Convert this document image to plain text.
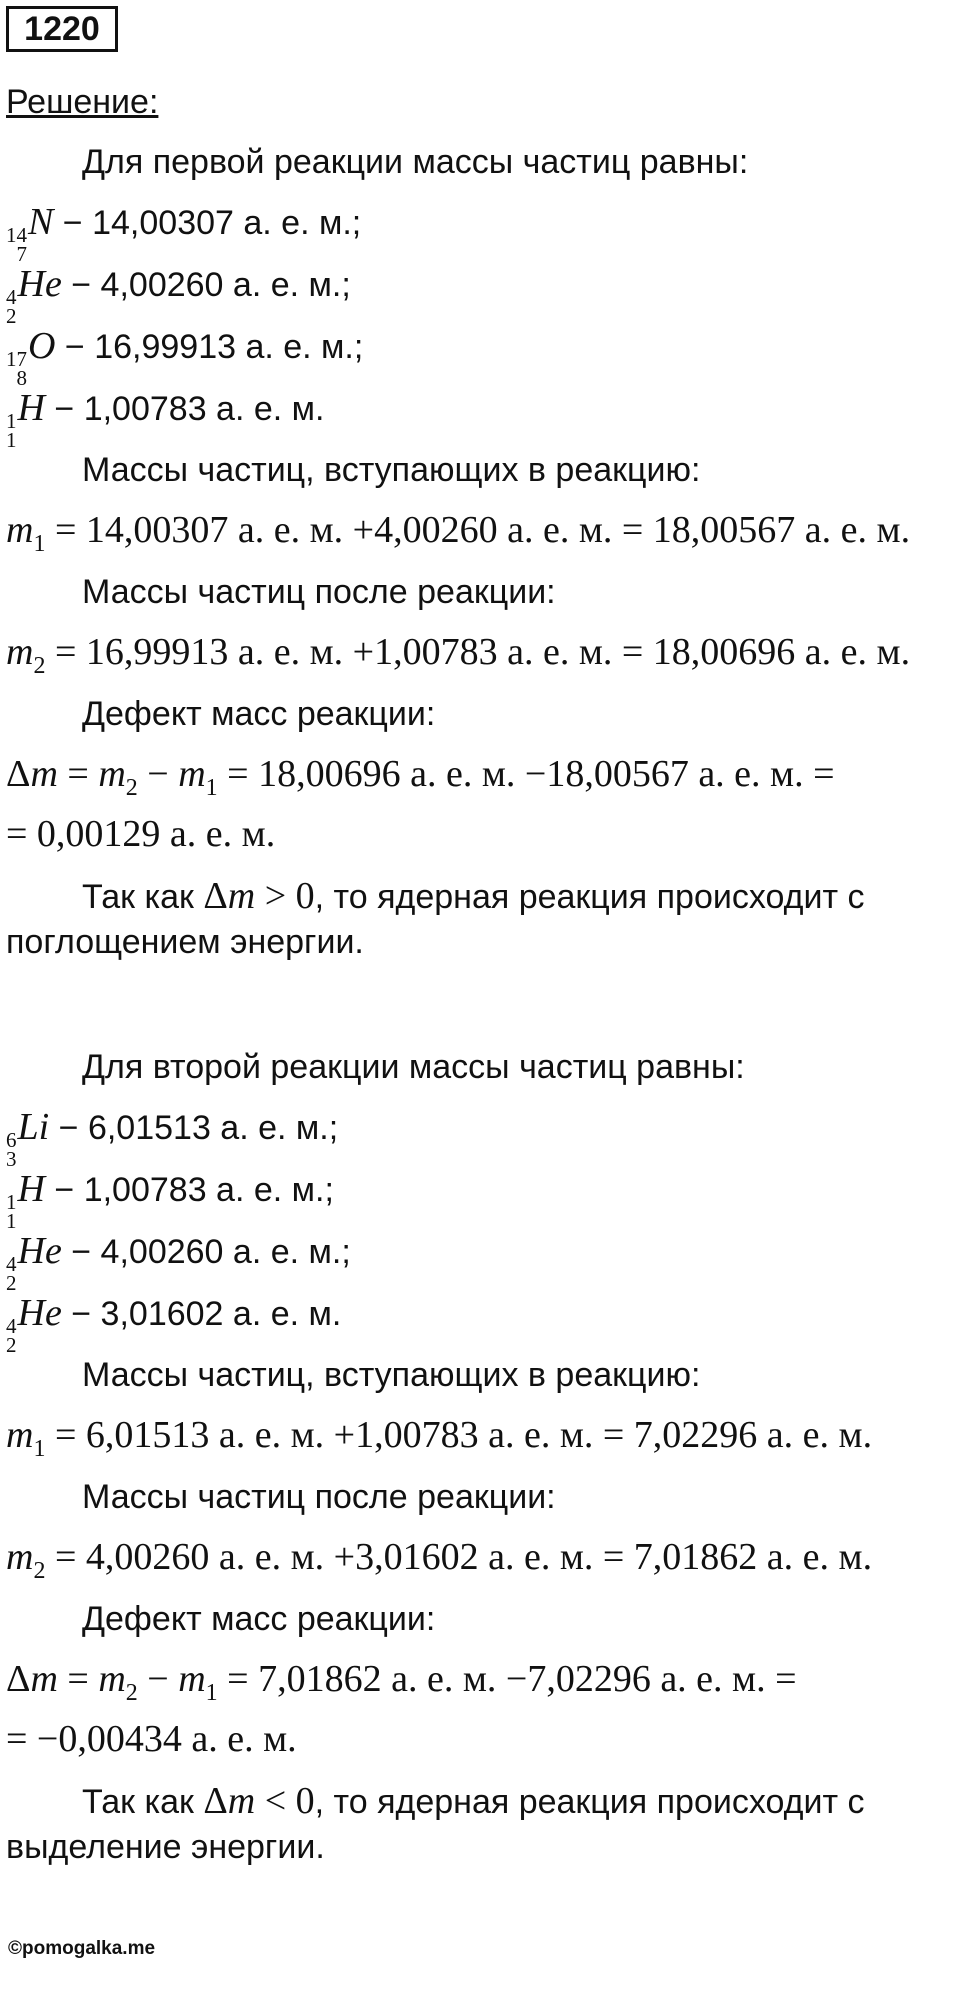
1220
Решение:
Для первой реакции массы частиц равны:
14
7
N − 14,00307 а. е. м.;
4
2
He − 4,00260 а. е. м.;
17
8
O − 16,99913 а. е. м.;
1
1
H − 1,00783 а. е. м.
Массы частиц, вступающих в реакцию:
$m_1 = 14,00307$ а. е. м. +4,00260 а. е. м. = 18,00567 а. е. м.
Массы частиц после реакции:
$m_2 = 16,99913$ а. е. м. +1,00783 а. е. м. = 18,00696 а. е. м.
Дефект масс реакции:
$\Delta m = m_2 - m_1 = 18,00696$ а. е. м. −18,00567 а. е. м. =
= 0,00129 а. е. м.
Так как Δm > 0, то ядерная реакция происходит с
поглощением энергии.
Для второй реакции массы частиц равны:
6
3
Li − 6,01513 а. е. м.;
1
1
H − 1,00783 а. е. м.;
4
2
He − 4,00260 а. е. м.;
4
2
He − 3,01602 а. е. м.
Массы частиц, вступающих в реакцию:
$m_1 = 6,01513$ а. е. м. +1,00783 а. е. м. = 7,02296 а. е. м.
Массы частиц после реакции:
$m_2 = 4,00260$ а. е. м. +3,01602 а. е. м. = 7,01862 а. е. м.
Дефект масс реакции:
$\Delta m = m_2 - m_1 = 7,01862$ а. е. м. −7,02296 а. е. м. =
= −0,00434 а. е. м.
Так как Δm < 0, то ядерная реакция происходит с
выделение энергии.
©pomogalka.me
